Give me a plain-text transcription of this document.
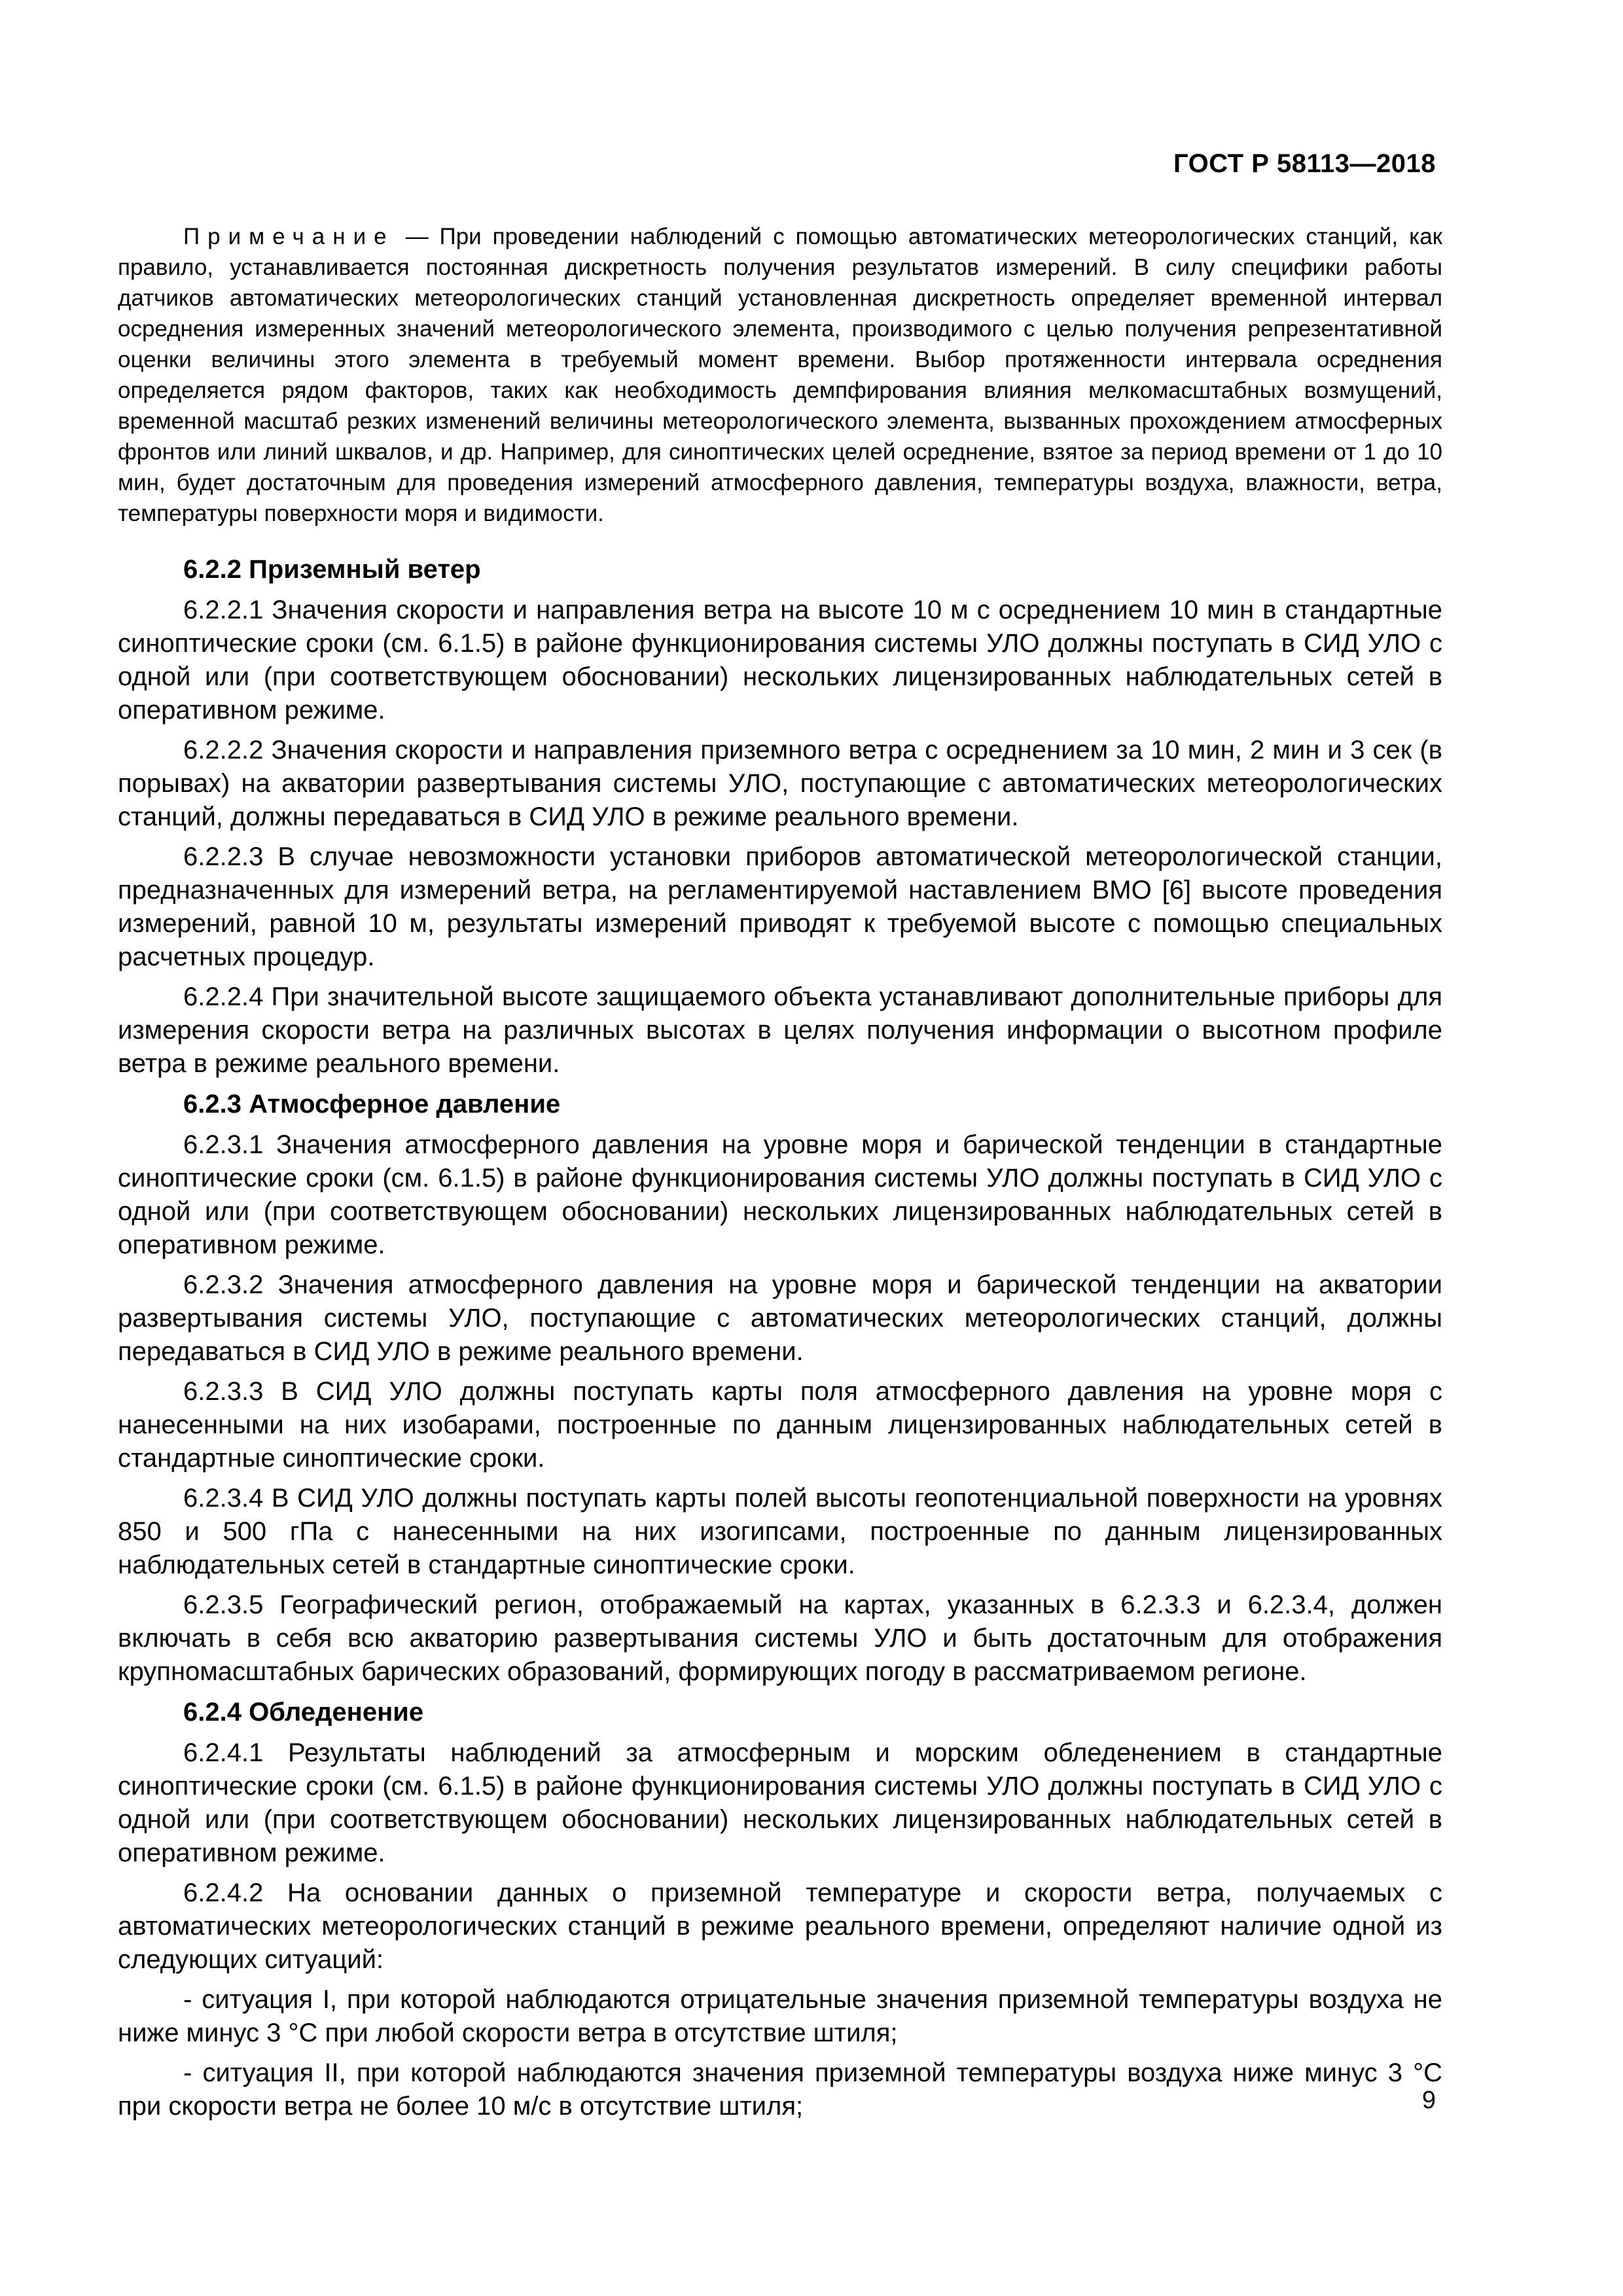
ГОСТ Р 58113—2018

Примечание — При проведении наблюдений с помощью автоматических метеорологических станций, как правило, устанавливается постоянная дискретность получения результатов измерений. В силу специфики работы датчиков автоматических метеорологических станций установленная дискретность определяет временной интервал осреднения измеренных значений метеорологического элемента, производимого с целью получения репрезентативной оценки величины этого элемента в требуемый момент времени. Выбор протяженности интервала осреднения определяется рядом факторов, таких как необходимость демпфирования влияния мелкомасштабных возмущений, временной масштаб резких изменений величины метеорологического элемента, вызванных прохождением атмосферных фронтов или линий шквалов, и др. Например, для синоптических целей осреднение, взятое за период времени от 1 до 10 мин, будет достаточным для проведения измерений атмосферного давления, температуры воздуха, влажности, ветра, температуры поверхности моря и видимости.

6.2.2 Приземный ветер

6.2.2.1 Значения скорости и направления ветра на высоте 10 м с осреднением 10 мин в стандартные синоптические сроки (см. 6.1.5) в районе функционирования системы УЛО должны поступать в СИД УЛО с одной или (при соответствующем обосновании) нескольких лицензированных наблюдательных сетей в оперативном режиме.

6.2.2.2 Значения скорости и направления приземного ветра с осреднением за 10 мин, 2 мин и 3 сек (в порывах) на акватории развертывания системы УЛО, поступающие с автоматических метеорологических станций, должны передаваться в СИД УЛО в режиме реального времени.

6.2.2.3 В случае невозможности установки приборов автоматической метеорологической станции, предназначенных для измерений ветра, на регламентируемой наставлением ВМО [6] высоте проведения измерений, равной 10 м, результаты измерений приводят к требуемой высоте с помощью специальных расчетных процедур.

6.2.2.4 При значительной высоте защищаемого объекта устанавливают дополнительные приборы для измерения скорости ветра на различных высотах в целях получения информации о высотном профиле ветра в режиме реального времени.

6.2.3 Атмосферное давление

6.2.3.1 Значения атмосферного давления на уровне моря и барической тенденции в стандартные синоптические сроки (см. 6.1.5) в районе функционирования системы УЛО должны поступать в СИД УЛО с одной или (при соответствующем обосновании) нескольких лицензированных наблюдательных сетей в оперативном режиме.

6.2.3.2 Значения атмосферного давления на уровне моря и барической тенденции на акватории развертывания системы УЛО, поступающие с автоматических метеорологических станций, должны передаваться в СИД УЛО в режиме реального времени.

6.2.3.3 В СИД УЛО должны поступать карты поля атмосферного давления на уровне моря с нанесенными на них изобарами, построенные по данным лицензированных наблюдательных сетей в стандартные синоптические сроки.

6.2.3.4 В СИД УЛО должны поступать карты полей высоты геопотенциальной поверхности на уровнях 850 и 500 гПа с нанесенными на них изогипсами, построенные по данным лицензированных наблюдательных сетей в стандартные синоптические сроки.

6.2.3.5 Географический регион, отображаемый на картах, указанных в 6.2.3.3 и 6.2.3.4, должен включать в себя всю акваторию развертывания системы УЛО и быть достаточным для отображения крупномасштабных барических образований, формирующих погоду в рассматриваемом регионе.

6.2.4 Обледенение

6.2.4.1 Результаты наблюдений за атмосферным и морским обледенением в стандартные синоптические сроки (см. 6.1.5) в районе функционирования системы УЛО должны поступать в СИД УЛО с одной или (при соответствующем обосновании) нескольких лицензированных наблюдательных сетей в оперативном режиме.

6.2.4.2 На основании данных о приземной температуре и скорости ветра, получаемых с автоматических метеорологических станций в режиме реального времени, определяют наличие одной из следующих ситуаций:

- ситуация I, при которой наблюдаются отрицательные значения приземной температуры воздуха не ниже минус 3 °С при любой скорости ветра в отсутствие штиля;

- ситуация II, при которой наблюдаются значения приземной температуры воздуха ниже минус 3 °С при скорости ветра не более 10 м/с в отсутствие штиля;	9
